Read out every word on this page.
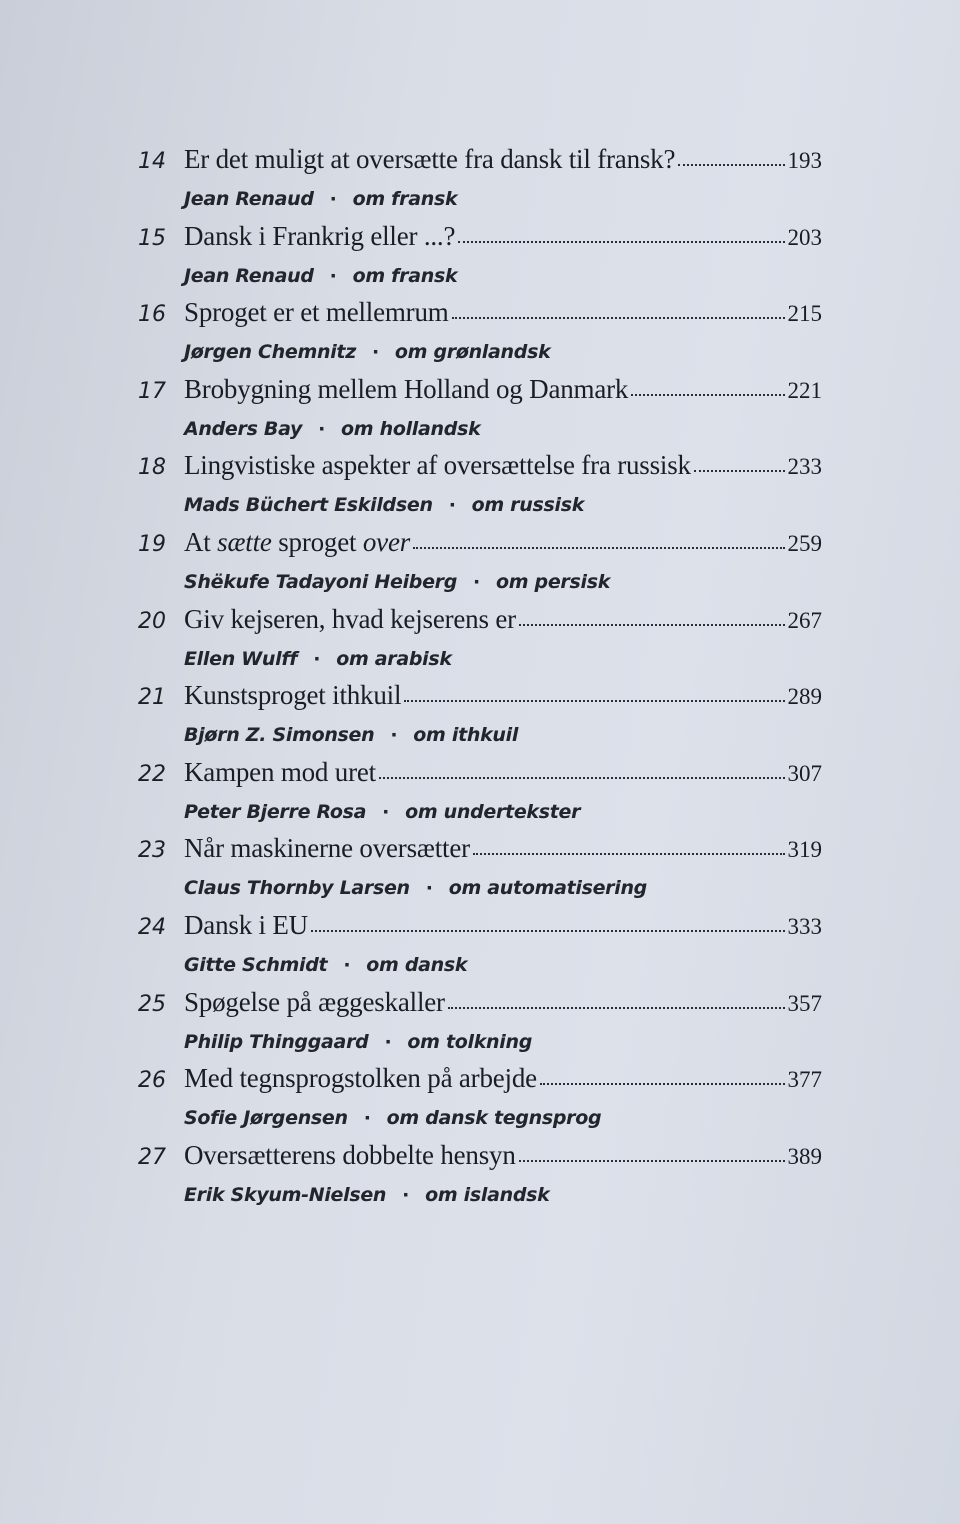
14 Er det muligt at oversætte fra dansk til fransk?	193
Jean Renaud · om fransk
15 Dansk i Frankrig eller ...?	203
Jean Renaud · om fransk
16 Sproget er et mellemrum	215
Jørgen Chemnitz · om grønlandsk
17 Brobygning mellem Holland og Danmark	221
Anders Bay · om hollandsk
18 Lingvistiske aspekter af oversættelse fra russisk	233
Mads Büchert Eskildsen · om russisk
19 At sætte sproget over	259
Shëkufe Tadayoni Heiberg · om persisk
20 Giv kejseren, hvad kejserens er	267
Ellen Wulff · om arabisk
21 Kunstsproget ithkuil	289
Bjørn Z. Simonsen · om ithkuil
22 Kampen mod uret	307
Peter Bjerre Rosa · om undertekster
23 Når maskinerne oversætter	319
Claus Thornby Larsen · om automatisering
24 Dansk i EU	333
Gitte Schmidt · om dansk
25 Spøgelse på æggeskaller	357
Philip Thinggaard · om tolkning
26 Med tegnsprogstolken på arbejde	377
Sofie Jørgensen · om dansk tegnsprog
27 Oversætterens dobbelte hensyn	389
Erik Skyum-Nielsen · om islandsk
